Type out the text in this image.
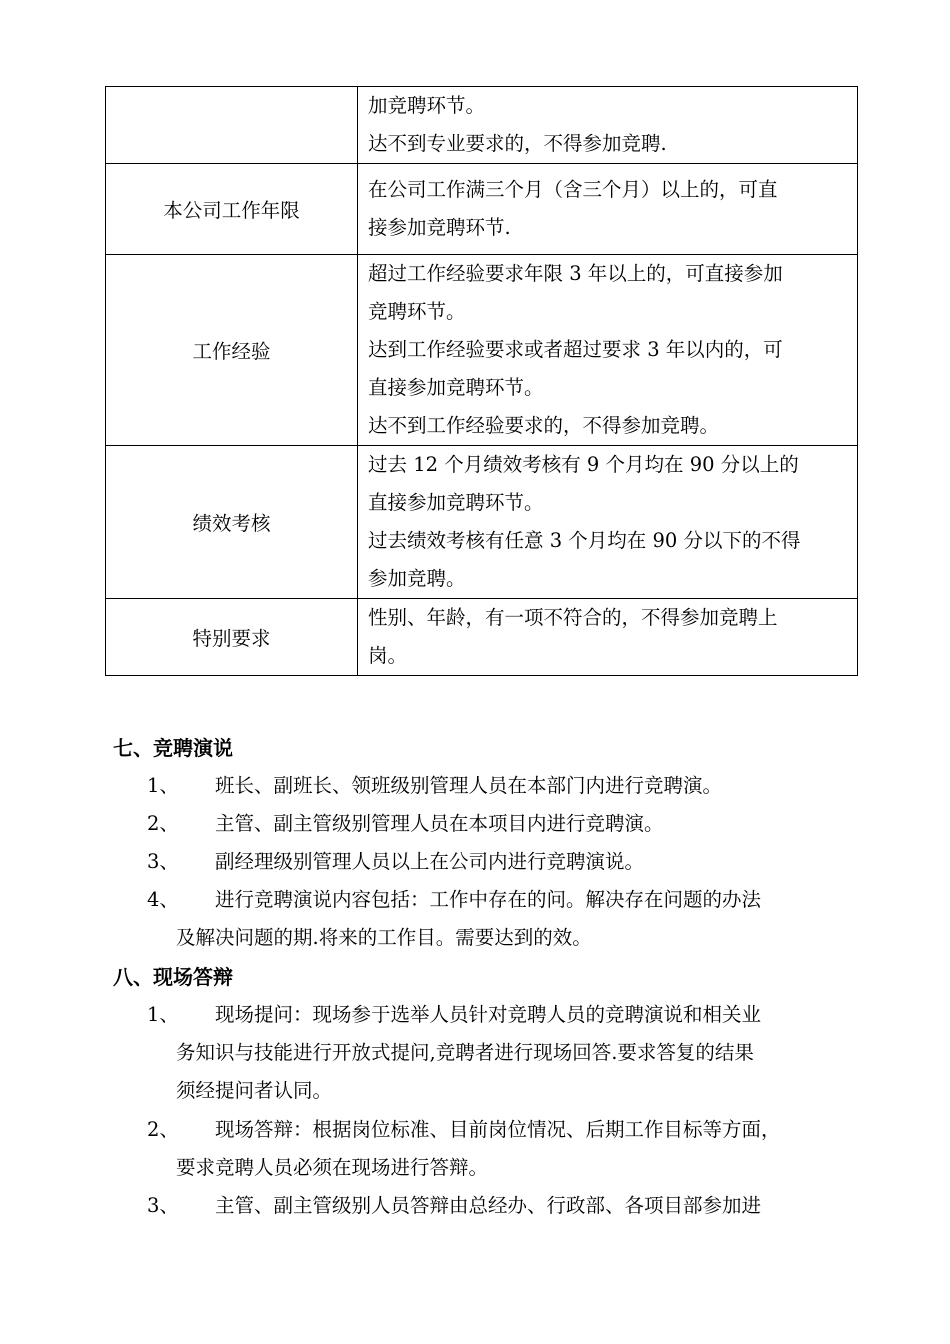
	加竞聘环节。
达不到专业要求的，不得参加竞聘.

本公司工作年限	在公司工作满三个月（含三个月）以上的，可直
接参加竞聘环节.

工作经验	超过工作经验要求年限 3 年以上的，可直接参加
竞聘环节。
达到工作经验要求或者超过要求 3 年以内的，可
直接参加竞聘环节。
达不到工作经验要求的，不得参加竞聘。

绩效考核	过去 12 个月绩效考核有 9 个月均在 90 分以上的
直接参加竞聘环节。
过去绩效考核有任意 3 个月均在 90 分以下的不得
参加竞聘。

特别要求	性别、年龄，有一项不符合的，不得参加竞聘上
岗。
七、竞聘演说
1、 班长、副班长、领班级别管理人员在本部门内进行竞聘演。
2、 主管、副主管级别管理人员在本项目内进行竞聘演。
3、 副经理级别管理人员以上在公司内进行竞聘演说。
4、 进行竞聘演说内容包括：工作中存在的问。解决存在问题的办法
及解决问题的期.将来的工作目。需要达到的效。
八、现场答辩
1、 现场提问：现场参于选举人员针对竞聘人员的竞聘演说和相关业
务知识与技能进行开放式提问,竞聘者进行现场回答.要求答复的结果
须经提问者认同。
2、 现场答辩：根据岗位标准、目前岗位情况、后期工作目标等方面，
要求竞聘人员必须在现场进行答辩。
3、 主管、副主管级别人员答辩由总经办、行政部、各项目部参加进
